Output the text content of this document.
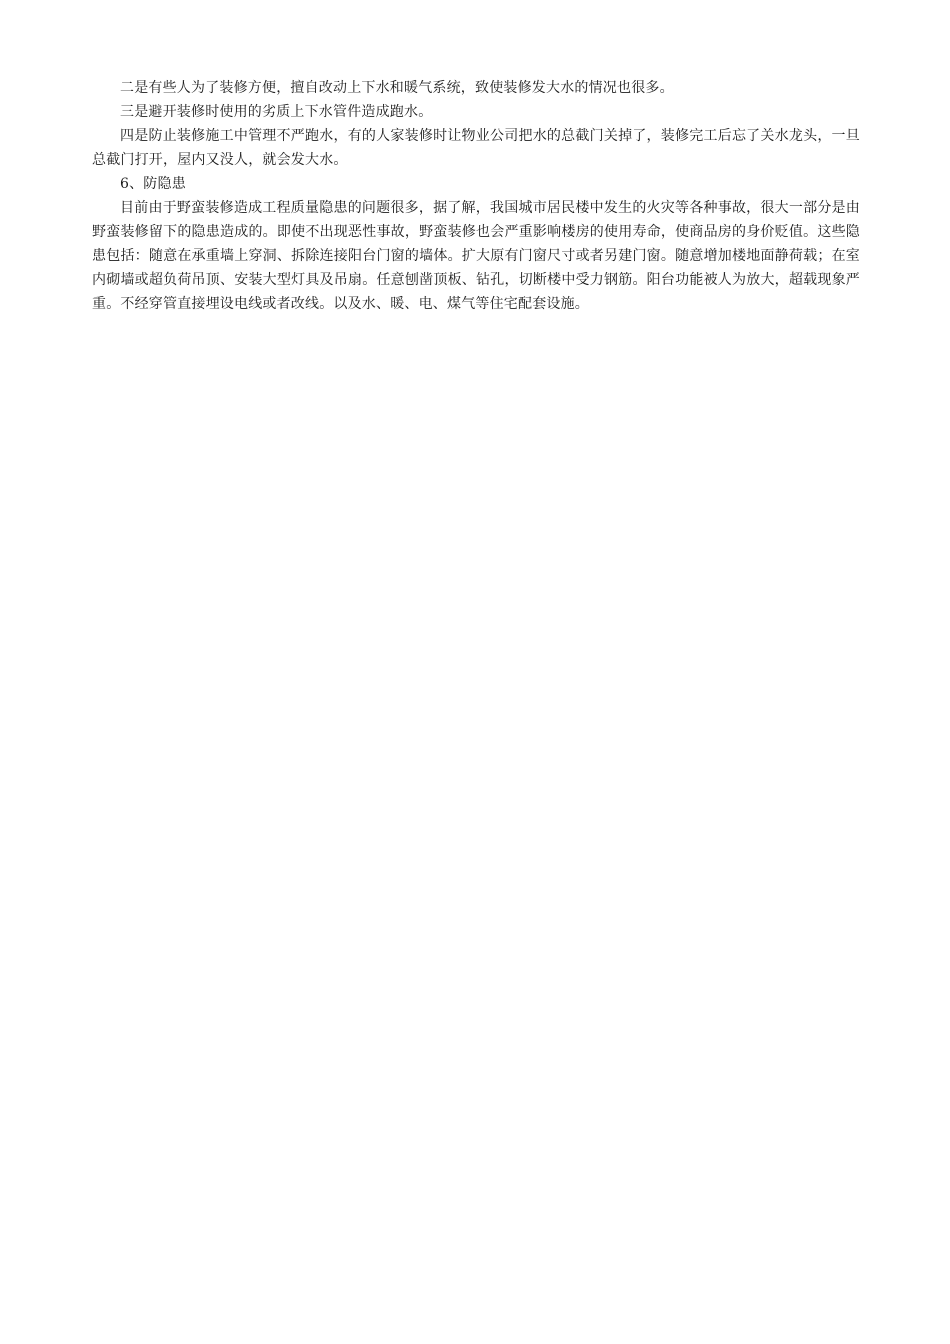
二是有些人为了装修方便，擅自改动上下水和暖气系统，致使装修发大水的情况也很多。

三是避开装修时使用的劣质上下水管件造成跑水。

四是防止装修施工中管理不严跑水，有的人家装修时让物业公司把水的总截门关掉了，装修完工后忘了关水龙头，一旦总截门打开，屋内又没人，就会发大水。

6、防隐患

目前由于野蛮装修造成工程质量隐患的问题很多，据了解，我国城市居民楼中发生的火灾等各种事故，很大一部分是由野蛮装修留下的隐患造成的。即使不出现恶性事故，野蛮装修也会严重影响楼房的使用寿命，使商品房的身价贬值。这些隐患包括：随意在承重墙上穿洞、拆除连接阳台门窗的墙体。扩大原有门窗尺寸或者另建门窗。随意增加楼地面静荷载；在室内砌墙或超负荷吊顶、安装大型灯具及吊扇。任意刨凿顶板、钻孔，切断楼中受力钢筋。阳台功能被人为放大，超载现象严重。不经穿管直接埋设电线或者改线。以及水、暖、电、煤气等住宅配套设施。
